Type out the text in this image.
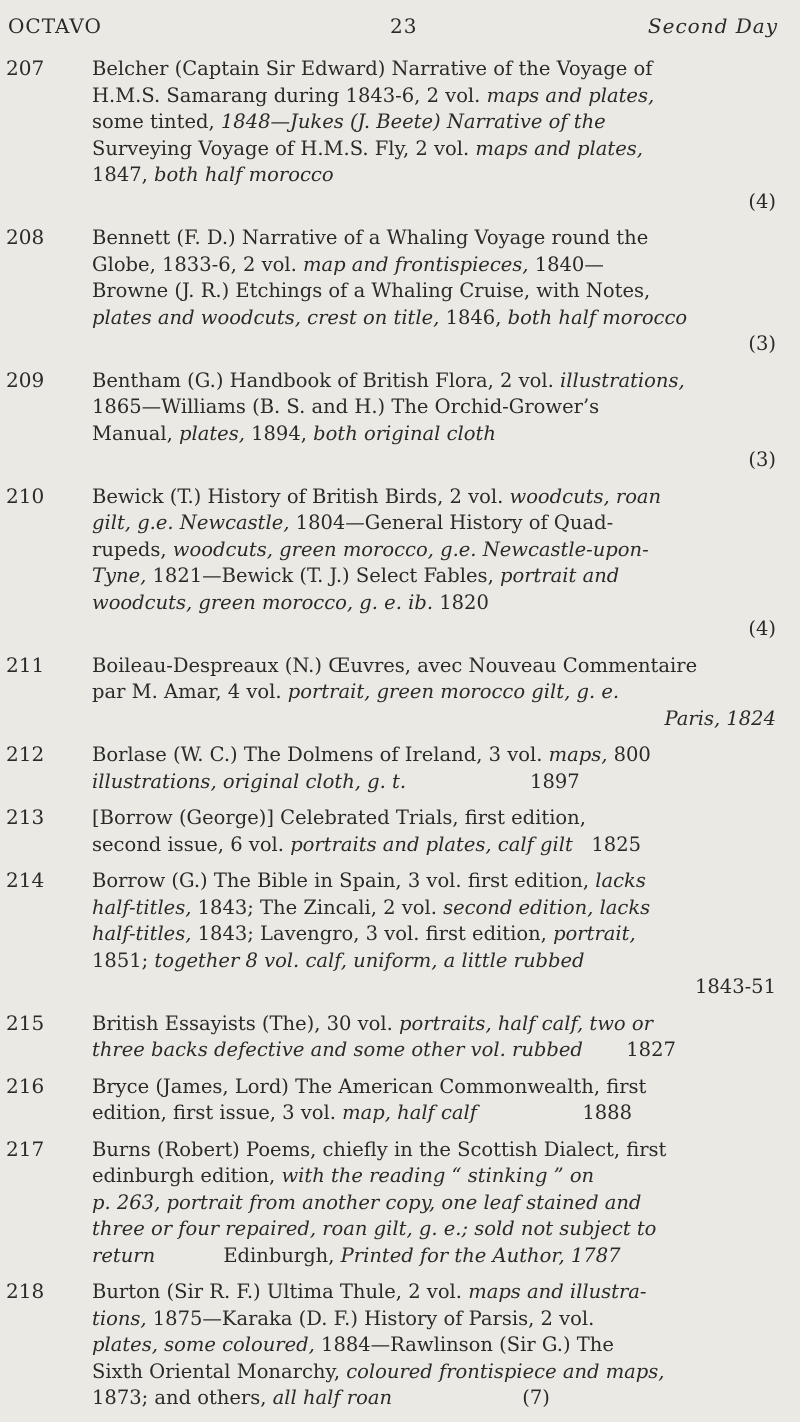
OCTAVO	23	Second Day
207	Belcher (Captain Sir Edward) Narrative of the Voyage of
H.M.S. Samarang during 1843-6, 2 vol. maps and plates,
some tinted, 1848—Jukes (J. Beete) Narrative of the
Surveying Voyage of H.M.S. Fly, 2 vol. maps and plates,
1847, both half morocco
(4)
208	Bennett (F. D.) Narrative of a Whaling Voyage round the
Globe, 1833-6, 2 vol. map and frontispieces, 1840—
Browne (J. R.) Etchings of a Whaling Cruise, with Notes,
plates and woodcuts, crest on title, 1846, both half morocco
(3)
209	Bentham (G.) Handbook of British Flora, 2 vol. illustrations,
1865—Williams (B. S. and H.) The Orchid-Grower’s
Manual, plates, 1894, both original cloth
(3)
210	Bewick (T.) History of British Birds, 2 vol. woodcuts, roan
gilt, g.e. Newcastle, 1804—General History of Quad-
rupeds, woodcuts, green morocco, g.e. Newcastle-upon-
Tyne, 1821—Bewick (T. J.) Select Fables, portrait and
woodcuts, green morocco, g. e. ib. 1820
(4)
211	Boileau-Despreaux (N.) Œuvres, avec Nouveau Commentaire
par M. Amar, 4 vol. portrait, green morocco gilt, g. e.
Paris, 1824
212	Borlase (W. C.) The Dolmens of Ireland, 3 vol. maps, 800
illustrations, original cloth, g. t.                    1897
213	[Borrow (George)] Celebrated Trials, first edition,
second issue, 6 vol. portraits and plates, calf gilt   1825
214	Borrow (G.) The Bible in Spain, 3 vol. first edition, lacks
half-titles, 1843; The Zincali, 2 vol. second edition, lacks
half-titles, 1843; Lavengro, 3 vol. first edition, portrait,
1851; together 8 vol. calf, uniform, a little rubbed
1843-51
215	British Essayists (The), 30 vol. portraits, half calf, two or
three backs defective and some other vol. rubbed       1827
216	Bryce (James, Lord) The American Commonwealth, first
edition, first issue, 3 vol. map, half calf                 1888
217	Burns (Robert) Poems, chiefly in the Scottish Dialect, first
edinburgh edition, with the reading “ stinking ” on
p. 263, portrait from another copy, one leaf stained and
three or four repaired, roan gilt, g. e.; sold not subject to
return           Edinburgh, Printed for the Author, 1787
218	Burton (Sir R. F.) Ultima Thule, 2 vol. maps and illustra-
tions, 1875—Karaka (D. F.) History of Parsis, 2 vol.
plates, some coloured, 1884—Rawlinson (Sir G.) The
Sixth Oriental Monarchy, coloured frontispiece and maps,
1873; and others, all half roan                     (7)
